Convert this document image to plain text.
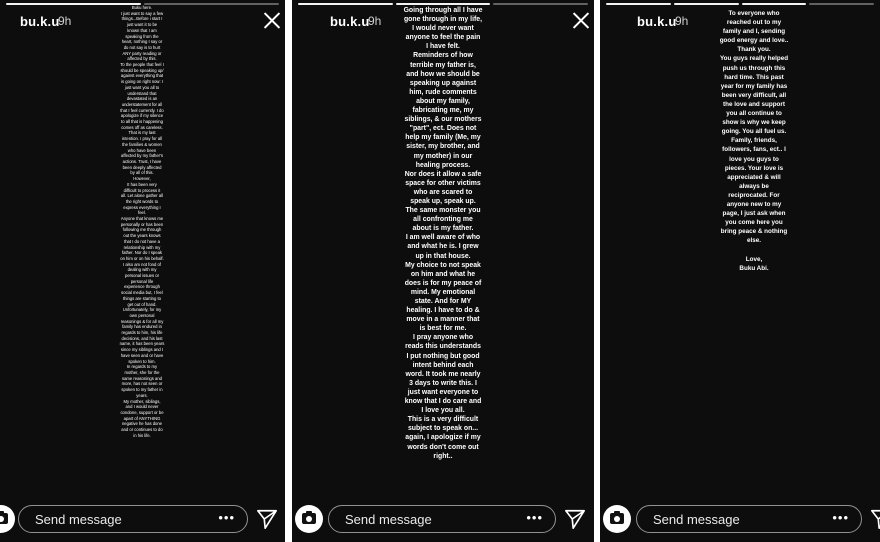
bu.k.u
9h
Buku here.
I just want to say a few
things...Before i start I
just want it to be
known that I am
speaking from the
heart, nothing I say or
do not say is to hurt
ANY party reading or
affected by this.
To the people that feel I
should be speaking up/
against everything that
is going on right now: I
just want you all to
understand that
devastated is an
understatement for all
that I feel currently. I do
apologize if my silence
to all that is happening
comes off as careless.
That is my last
intention. I pray for all
the families & women
who have been
affected by my father's
actions. Trust, I have
been deeply affected
by all of this.
However,
It has been very
difficult to process it
all. Let alone gather all
the right words to
express everything I
feel.
Anyone that knows me
personally or has been
following me through
out the years knows
that I do not have a
relationship with my
father. Nor do I speak
on him or on his behalf.
I also am not fond of
dealing with my
personal issues or
personal life
experience through
social media but, I feel
things are starting to
get out of hand.
Unfortunately, for my
own personal
reasonings & for all my
family has endured in
regards to him, his life
decisions, and his last
name, it has been years
since my siblings and I
have seen and or have
spoken to him.
In regards to my
mother, she for the
same reasonings and
more, has not seen or
spoken to my father in
years.
My mother, siblings,
and I would never
condone, support or be
apart of ANYTHING
negative he has done
and or continues to do
in his life.
Send message	•••
bu.k.u
9h
Going through all I have
gone through in my life,
I would never want
anyone to feel the pain
I have felt.
Reminders of how
terrible my father is,
and how we should be
speaking up against
him, rude comments
about my family,
fabricating me, my
siblings, & our mothers
"part", ect. Does not
help my family (Me, my
sister, my brother, and
my mother) in our
healing process.
Nor does it allow a safe
space for other victims
who are scared to
speak up, speak up.
The same monster you
all confronting me
about is my father.
I am well aware of who
and what he is. I grew
up in that house.
My choice to not speak
on him and what he
does is for my peace of
mind. My emotional
state. And for MY
healing. I have to do &
move in a manner that
is best for me.
I pray anyone who
reads this understands
I put nothing but good
intent behind each
word. It took me nearly
3 days to write this. I
just want everyone to
know that I do care and
I love you all.
This is a very difficult
subject to speak on...
again, I apologize if my
words don't come out
right..
Send message	•••
bu.k.u
9h
To everyone who
reached out to my
family and I, sending
good energy and love..
Thank you.
You guys really helped
push us through this
hard time. This past
year for my family has
been very difficult, all
the love and support
you all continue to
show is why we keep
going. You all fuel us.
Family, friends,
followers, fans, ect.. I
love you guys to
pieces. Your love is
appreciated & will
always be
reciprocated. For
anyone new to my
page, I just ask when
you come here you
bring peace & nothing
else.

Love,
Buku Abi.
Send message	•••
